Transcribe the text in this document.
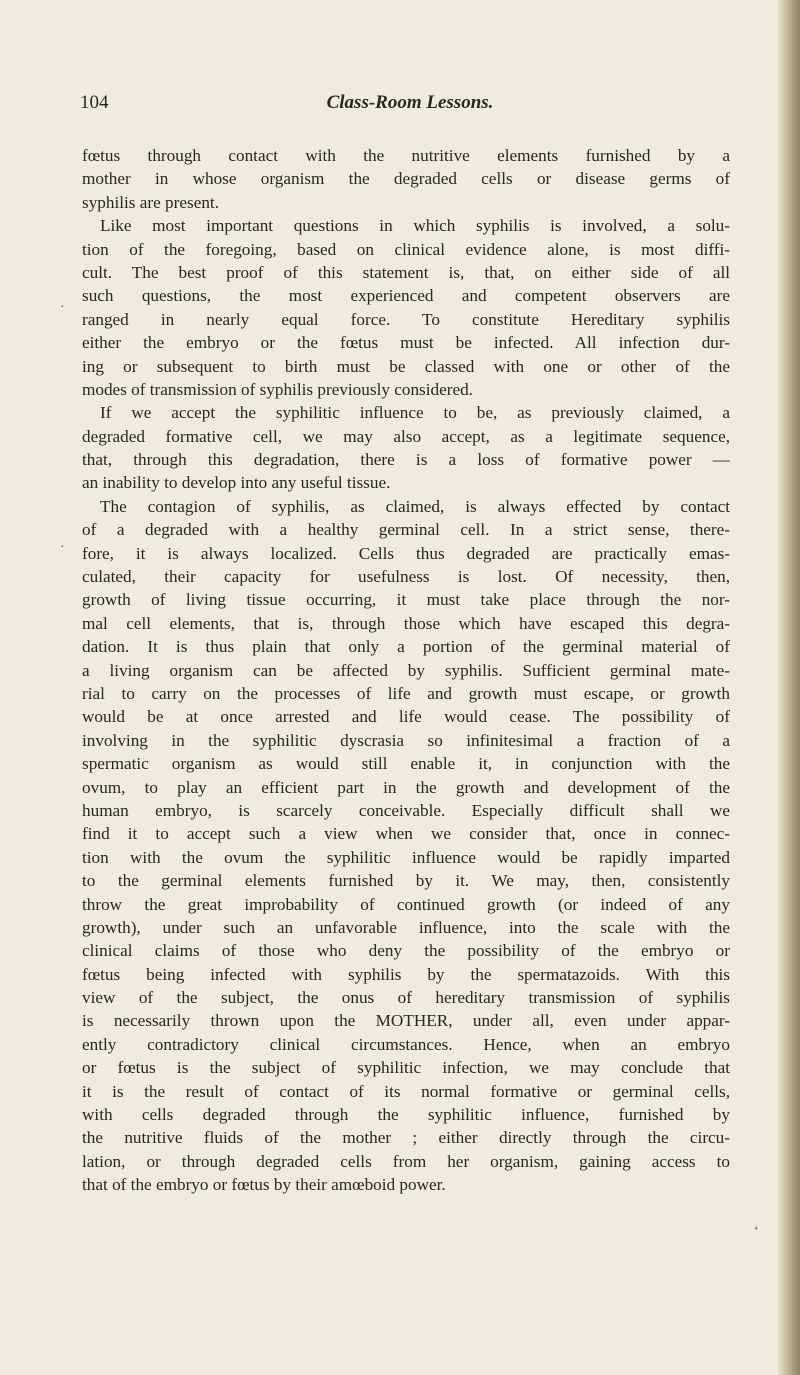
104	Class-Room Lessons.
fœtus through contact with the nutritive elements furnished by a
mother in whose organism the degraded cells or disease germs of
syphilis are present.
Like most important questions in which syphilis is involved, a solu-
tion of the foregoing, based on clinical evidence alone, is most diffi-
cult. The best proof of this statement is, that, on either side of all
such questions, the most experienced and competent observers are
ranged in nearly equal force. To constitute Hereditary syphilis
either the embryo or the fœtus must be infected. All infection dur-
ing or subsequent to birth must be classed with one or other of the
modes of transmission of syphilis previously considered.
If we accept the syphilitic influence to be, as previously claimed, a
degraded formative cell, we may also accept, as a legitimate sequence,
that, through this degradation, there is a loss of formative power —
an inability to develop into any useful tissue.
The contagion of syphilis, as claimed, is always effected by contact
of a degraded with a healthy germinal cell. In a strict sense, there-
fore, it is always localized. Cells thus degraded are practically emas-
culated, their capacity for usefulness is lost. Of necessity, then,
growth of living tissue occurring, it must take place through the nor-
mal cell elements, that is, through those which have escaped this degra-
dation. It is thus plain that only a portion of the germinal material of
a living organism can be affected by syphilis. Sufficient germinal mate-
rial to carry on the processes of life and growth must escape, or growth
would be at once arrested and life would cease. The possibility of
involving in the syphilitic dyscrasia so infinitesimal a fraction of a
spermatic organism as would still enable it, in conjunction with the
ovum, to play an efficient part in the growth and development of the
human embryo, is scarcely conceivable. Especially difficult shall we
find it to accept such a view when we consider that, once in connec-
tion with the ovum the syphilitic influence would be rapidly imparted
to the germinal elements furnished by it. We may, then, consistently
throw the great improbability of continued growth (or indeed of any
growth), under such an unfavorable influence, into the scale with the
clinical claims of those who deny the possibility of the embryo or
fœtus being infected with syphilis by the spermatazoids. With this
view of the subject, the onus of hereditary transmission of syphilis
is necessarily thrown upon the MOTHER, under all, even under appar-
ently contradictory clinical circumstances. Hence, when an embryo
or fœtus is the subject of syphilitic infection, we may conclude that
it is the result of contact of its normal formative or germinal cells,
with cells degraded through the syphilitic influence, furnished by
the nutritive fluids of the mother ; either directly through the circu-
lation, or through degraded cells from her organism, gaining access to
that of the embryo or fœtus by their amœboid power.
·
·
‘
